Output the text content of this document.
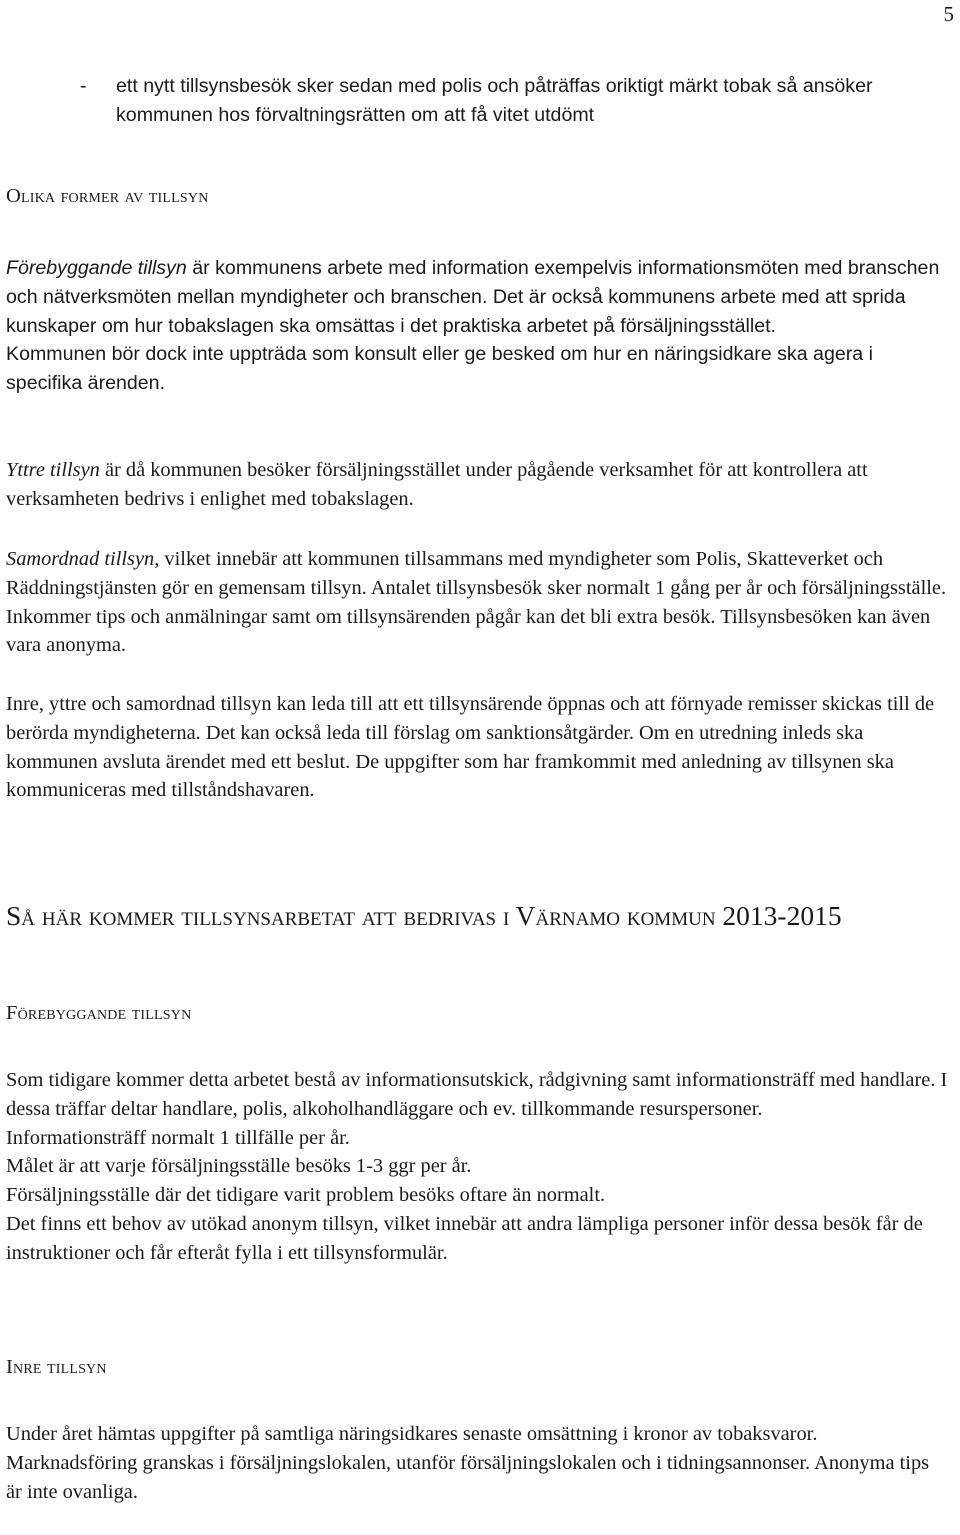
5
- ett nytt tillsynsbesök sker sedan med polis och påträffas oriktigt märkt tobak så ansöker kommunen hos förvaltningsrätten om att få vitet utdömt
Olika former av tillsyn

Förebyggande tillsyn är kommunens arbete med information exempelvis informationsmöten med branschen och nätverksmöten mellan myndigheter och branschen. Det är också kommunens arbete med att sprida kunskaper om hur tobakslagen ska omsättas i det praktiska arbetet på försäljningsstället.

Kommunen bör dock inte uppträda som konsult eller ge besked om hur en näringsidkare ska agera i specifika ärenden.

Yttre tillsyn är då kommunen besöker försäljningsstället under pågående verksamhet för att kontrollera att verksamheten bedrivs i enlighet med tobakslagen.

Samordnad tillsyn, vilket innebär att kommunen tillsammans med myndigheter som Polis, Skatteverket och Räddningstjänsten gör en gemensam tillsyn. Antalet tillsynsbesök sker normalt 1 gång per år och försäljningsställe. Inkommer tips och anmälningar samt om tillsynsärenden pågår kan det bli extra besök. Tillsynsbesöken kan även vara anonyma.

Inre, yttre och samordnad tillsyn kan leda till att ett tillsynsärende öppnas och att förnyade remisser skickas till de berörda myndigheterna. Det kan också leda till förslag om sanktionsåtgärder. Om en utredning inleds ska kommunen avsluta ärendet med ett beslut. De uppgifter som har framkommit med anledning av tillsynen ska kommuniceras med tillståndshavaren.

Så här kommer tillsynsarbetat att bedrivas i Värnamo kommun 2013-2015
Förebyggande tillsyn

Som tidigare kommer detta arbetet bestå av informationsutskick, rådgivning samt informationsträff med handlare. I dessa träffar deltar handlare, polis, alkoholhandläggare och ev. tillkommande resurspersoner.

Informationsträff normalt 1 tillfälle per år.

Målet är att varje försäljningsställe besöks 1-3 ggr per år.

Försäljningsställe där det tidigare varit problem besöks oftare än normalt.

Det finns ett behov av utökad anonym tillsyn, vilket innebär att andra lämpliga personer inför dessa besök får de instruktioner och får efteråt fylla i ett tillsynsformulär.

Inre tillsyn

Under året hämtas uppgifter på samtliga näringsidkares senaste omsättning i kronor av tobaksvaror.

Marknadsföring granskas i försäljningslokalen, utanför försäljningslokalen och i tidningsannonser. Anonyma tips är inte ovanliga.
